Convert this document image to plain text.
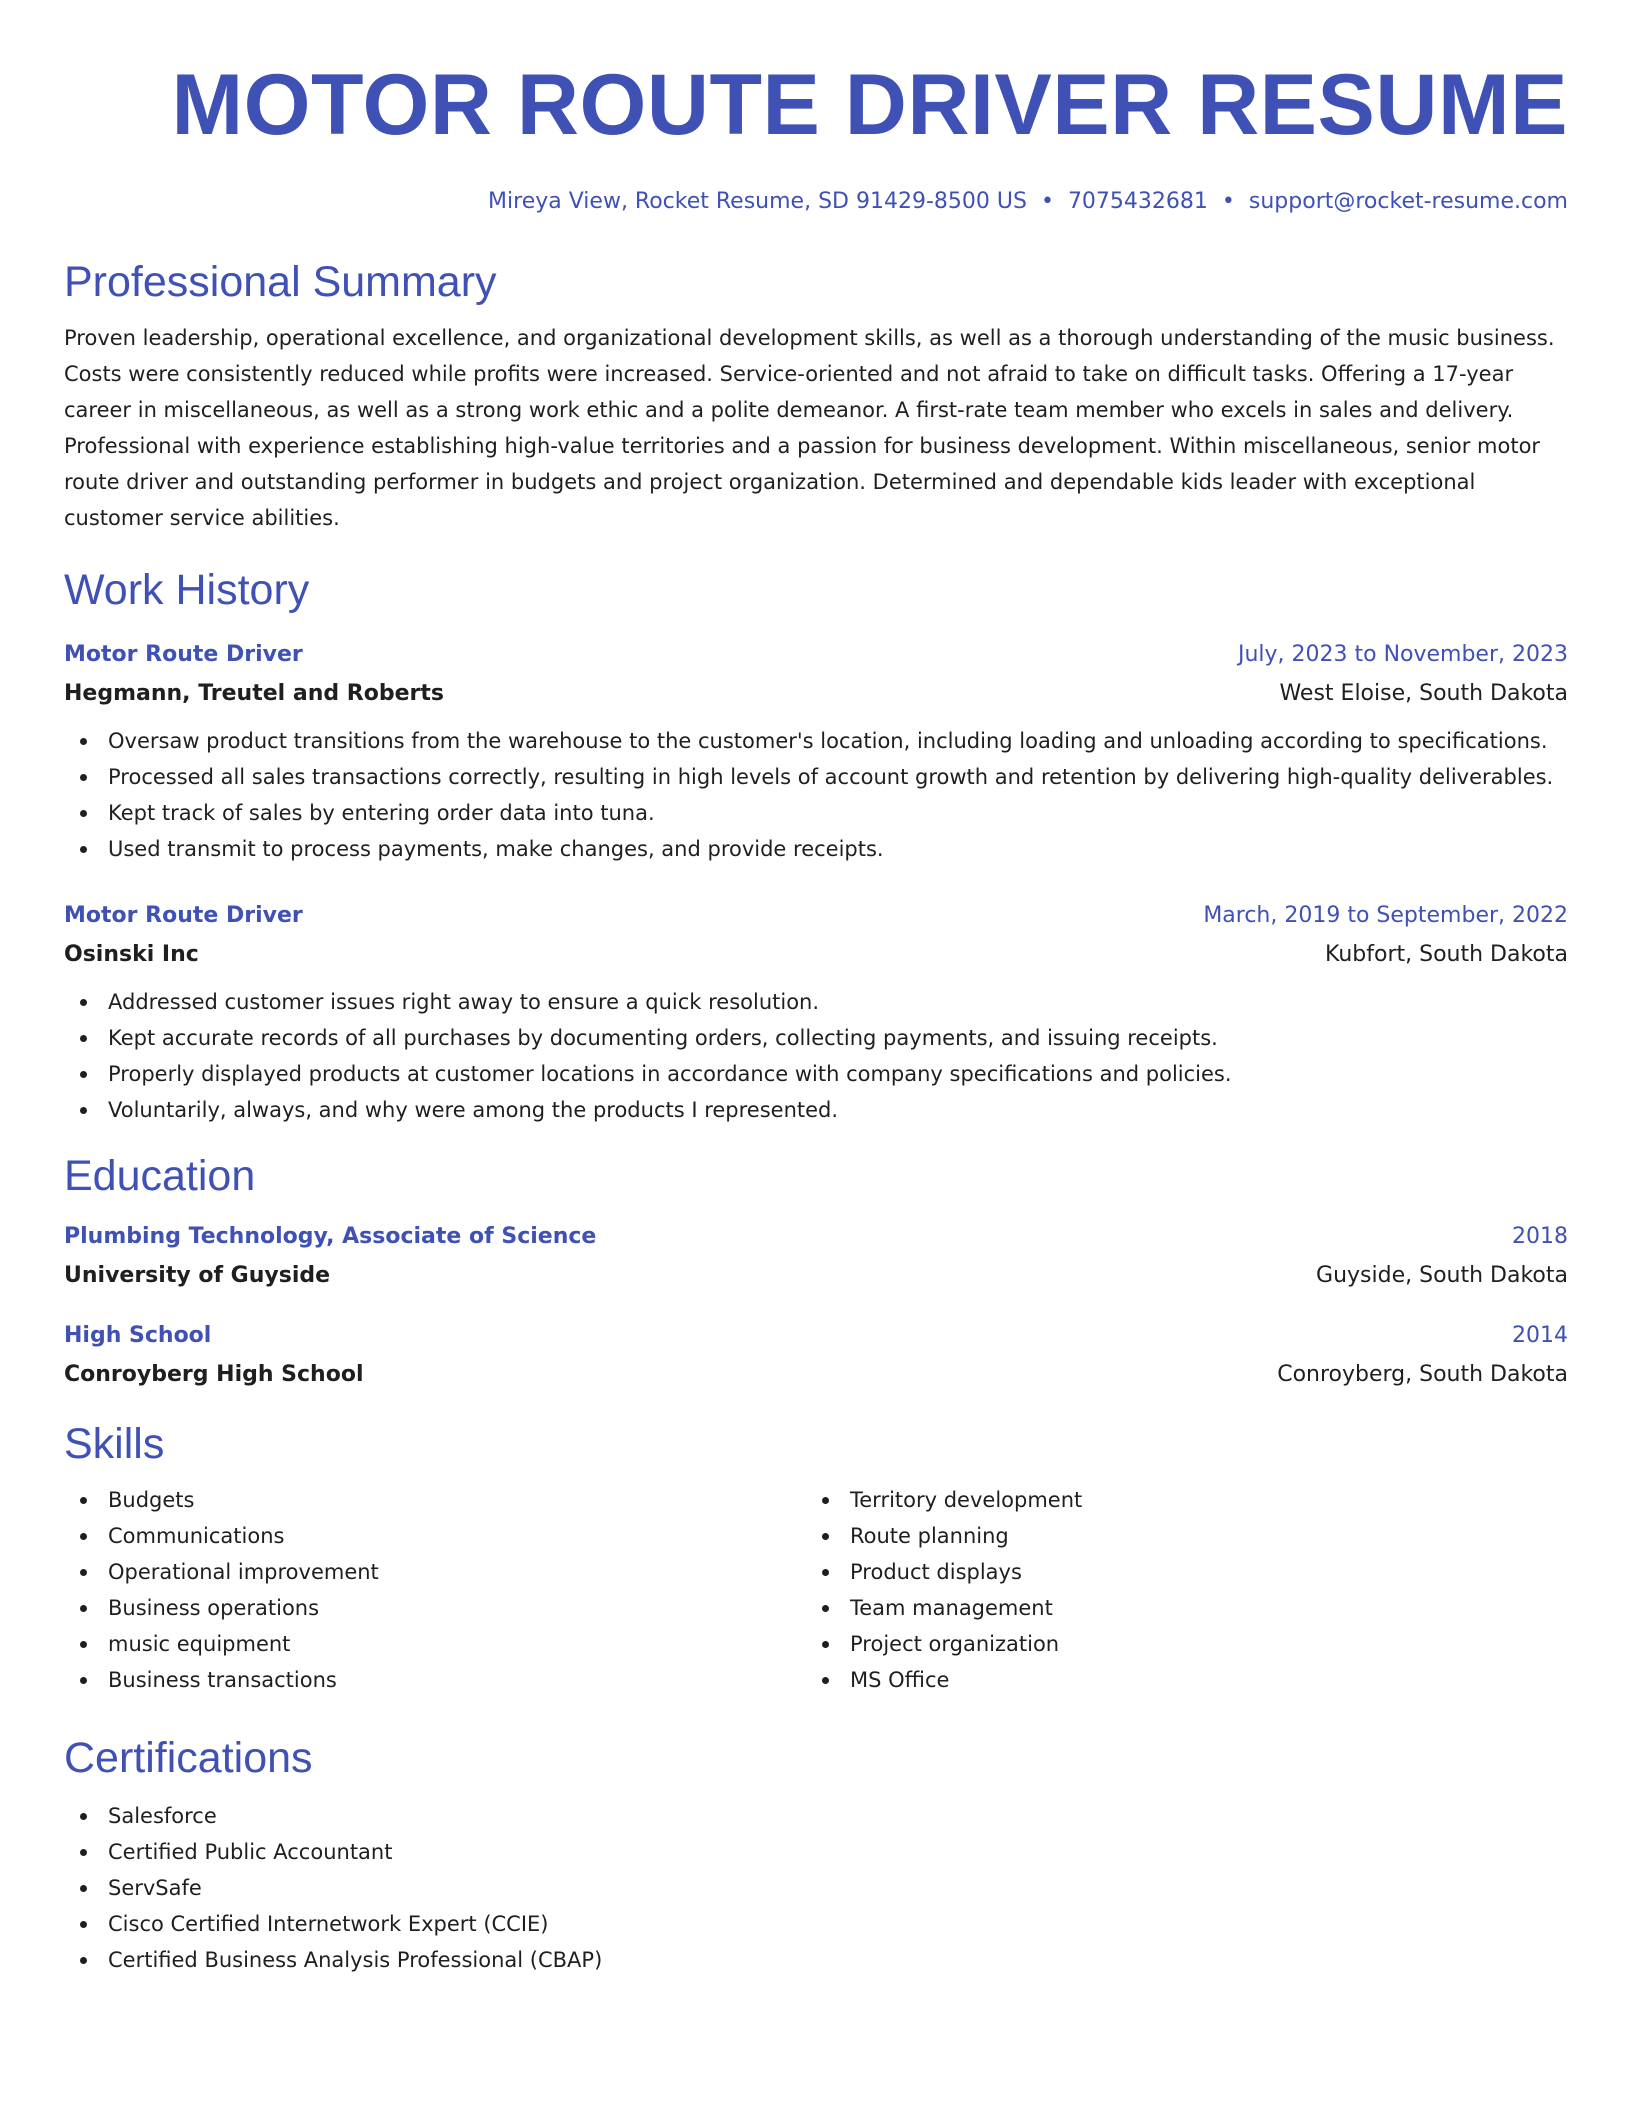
MOTOR ROUTE DRIVER RESUME
Mireya View, Rocket Resume, SD 91429-8500 US • 7075432681 • support@rocket-resume.com
Professional Summary

Proven leadership, operational excellence, and organizational development skills, as well as a thorough understanding of the music business. Costs were consistently reduced while profits were increased. Service-oriented and not afraid to take on difficult tasks. Offering a 17-year career in miscellaneous, as well as a strong work ethic and a polite demeanor. A first-rate team member who excels in sales and delivery. Professional with experience establishing high-value territories and a passion for business development. Within miscellaneous, senior motor route driver and outstanding performer in budgets and project organization. Determined and dependable kids leader with exceptional customer service abilities.

Work History
Motor Route Driver	July, 2023 to November, 2023
Hegmann, Treutel and Roberts	West Eloise, South Dakota
Oversaw product transitions from the warehouse to the customer's location, including loading and unloading according to specifications.
Processed all sales transactions correctly, resulting in high levels of account growth and retention by delivering high-quality deliverables.
Kept track of sales by entering order data into tuna.
Used transmit to process payments, make changes, and provide receipts.
Motor Route Driver	March, 2019 to September, 2022
Osinski Inc	Kubfort, South Dakota
Addressed customer issues right away to ensure a quick resolution.
Kept accurate records of all purchases by documenting orders, collecting payments, and issuing receipts.
Properly displayed products at customer locations in accordance with company specifications and policies.
Voluntarily, always, and why were among the products I represented.
Education
Plumbing Technology, Associate of Science	2018
University of Guyside	Guyside, South Dakota
High School	2014
Conroyberg High School	Conroyberg, South Dakota
Skills
Budgets
Communications
Operational improvement
Business operations
music equipment
Business transactions
Territory development
Route planning
Product displays
Team management
Project organization
MS Office
Certifications
Salesforce
Certified Public Accountant
ServSafe
Cisco Certified Internetwork Expert (CCIE)
Certified Business Analysis Professional (CBAP)
